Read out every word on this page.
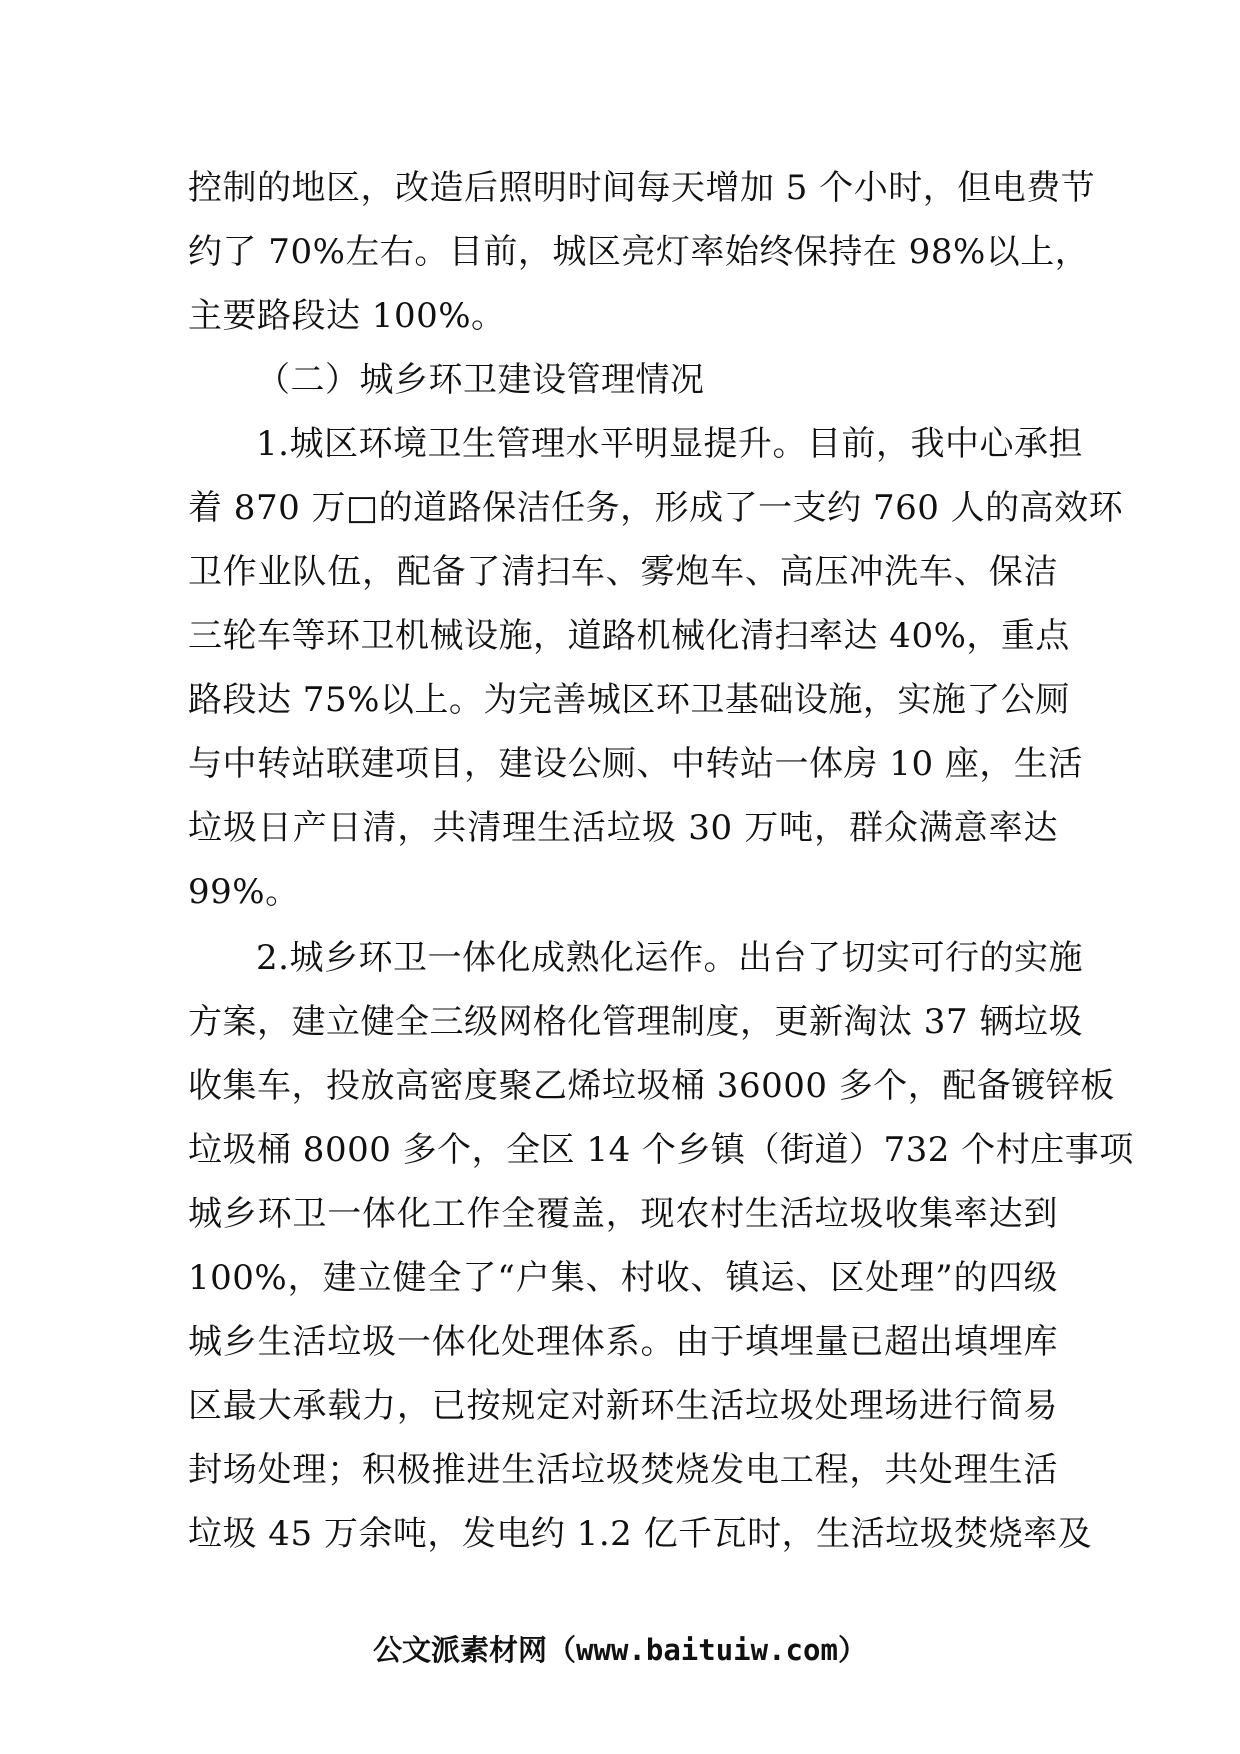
控制的地区，改造后照明时间每天增加 5 个小时，但电费节
约了 70%左右。目前，城区亮灯率始终保持在 98%以上，
主要路段达 100%。
（二）城乡环卫建设管理情况
1.城区环境卫生管理水平明显提升。目前，我中心承担
着 870 万□的道路保洁任务，形成了一支约 760 人的高效环
卫作业队伍，配备了清扫车、雾炮车、高压冲洗车、保洁
三轮车等环卫机械设施，道路机械化清扫率达 40%，重点
路段达 75%以上。为完善城区环卫基础设施，实施了公厕
与中转站联建项目，建设公厕、中转站一体房 10 座，生活
垃圾日产日清，共清理生活垃圾 30 万吨，群众满意率达
99%。
2.城乡环卫一体化成熟化运作。出台了切实可行的实施
方案，建立健全三级网格化管理制度，更新淘汰 37 辆垃圾
收集车，投放高密度聚乙烯垃圾桶 36000 多个，配备镀锌板
垃圾桶 8000 多个，全区 14 个乡镇（街道）732 个村庄事项
城乡环卫一体化工作全覆盖，现农村生活垃圾收集率达到
100%，建立健全了“户集、村收、镇运、区处理”的四级
城乡生活垃圾一体化处理体系。由于填埋量已超出填埋库
区最大承载力，已按规定对新环生活垃圾处理场进行简易
封场处理；积极推进生活垃圾焚烧发电工程，共处理生活
垃圾 45 万余吨，发电约 1.2 亿千瓦时，生活垃圾焚烧率及
公文派素材网（www.baituiw.com）
